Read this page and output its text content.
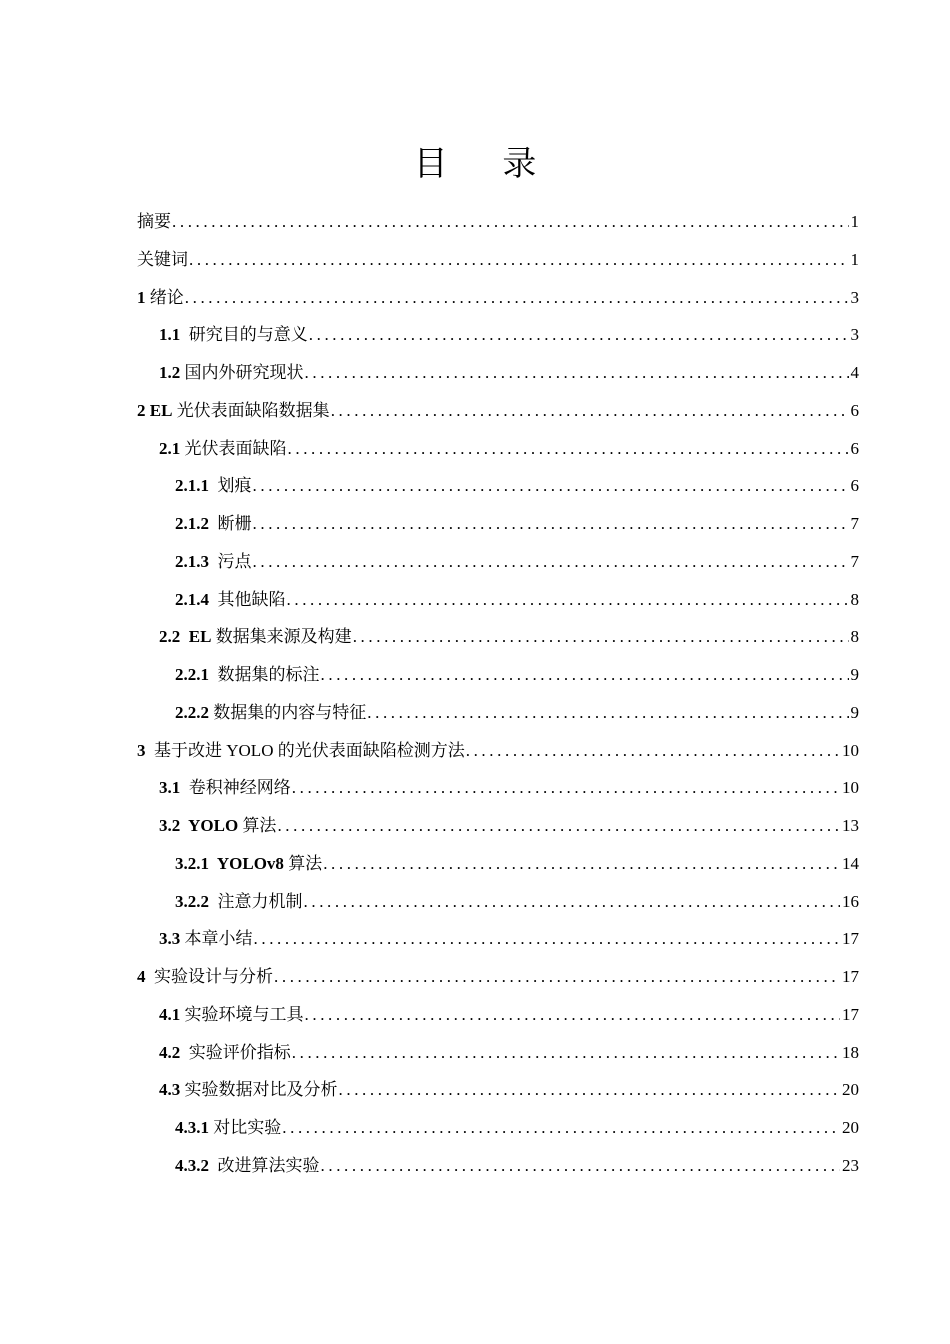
目 录
摘要 .....	1
关键词 .....	1
1 绪论 .....	3
1.1  研究目的与意义 .....	3
1.2 国内外研究现状 .....	4
2 EL 光伏表面缺陷数据集 .....	6
2.1 光伏表面缺陷 .....	6
2.1.1  划痕 .....	6
2.1.2  断栅 .....	7
2.1.3  污点 .....	7
2.1.4  其他缺陷 .....	8
2.2  EL 数据集来源及构建 .....	8
2.2.1  数据集的标注 .....	9
2.2.2 数据集的内容与特征 .....	9
3  基于改进 YOLO 的光伏表面缺陷检测方法 .....	10
3.1  卷积神经网络 .....	10
3.2  YOLO 算法 .....	13
3.2.1  YOLOv8 算法 .....	14
3.2.2  注意力机制 .....	16
3.3 本章小结 .....	17
4  实验设计与分析 .....	17
4.1 实验环境与工具 .....	17
4.2  实验评价指标 .....	18
4.3 实验数据对比及分析 .....	20
4.3.1 对比实验 .....	20
4.3.2  改进算法实验 .....	23
